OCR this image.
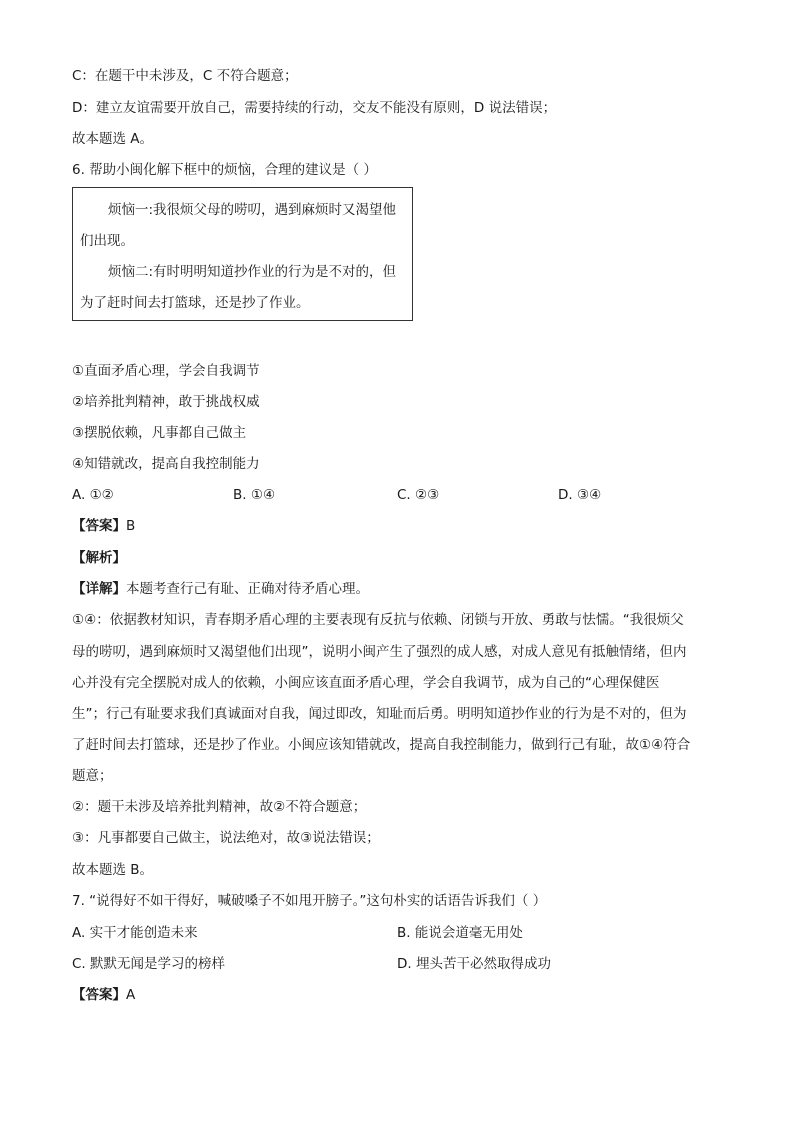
C：在题干中未涉及，C 不符合题意；

D：建立友谊需要开放自己，需要持续的行动，交友不能没有原则，D 说法错误；

故本题选 A。

6. 帮助小闽化解下框中的烦恼，合理的建议是（ ）

烦恼一:我很烦父母的唠叨，遇到麻烦时又渴望他
们出现。
烦恼二:有时明明知道抄作业的行为是不对的，但
为了赶时间去打篮球，还是抄了作业。

①直面矛盾心理，学会自我调节

②培养批判精神，敢于挑战权威

③摆脱依赖，凡事都自己做主

④知错就改，提高自我控制能力

A. ①②	B. ①④	C. ②③	D. ③④

【答案】B

【解析】

【详解】本题考查行己有耻、正确对待矛盾心理。

①④：依据教材知识，青春期矛盾心理的主要表现有反抗与依赖、闭锁与开放、勇敢与怯懦。“我很烦父

母的唠叨，遇到麻烦时又渴望他们出现”，说明小闽产生了强烈的成人感，对成人意见有抵触情绪，但内

心并没有完全摆脱对成人的依赖，小闽应该直面矛盾心理，学会自我调节，成为自己的“心理保健医

生”；行己有耻要求我们真诚面对自我，闻过即改，知耻而后勇。明明知道抄作业的行为是不对的，但为

了赶时间去打篮球，还是抄了作业。小闽应该知错就改，提高自我控制能力，做到行己有耻，故①④符合

题意；

②：题干未涉及培养批判精神，故②不符合题意；

③：凡事都要自己做主，说法绝对，故③说法错误；

故本题选 B。

7. “说得好不如干得好，喊破嗓子不如甩开膀子。”这句朴实的话语告诉我们（ ）

A. 实干才能创造未来	B. 能说会道毫无用处
C. 默默无闻是学习的榜样	D. 埋头苦干必然取得成功

【答案】A
